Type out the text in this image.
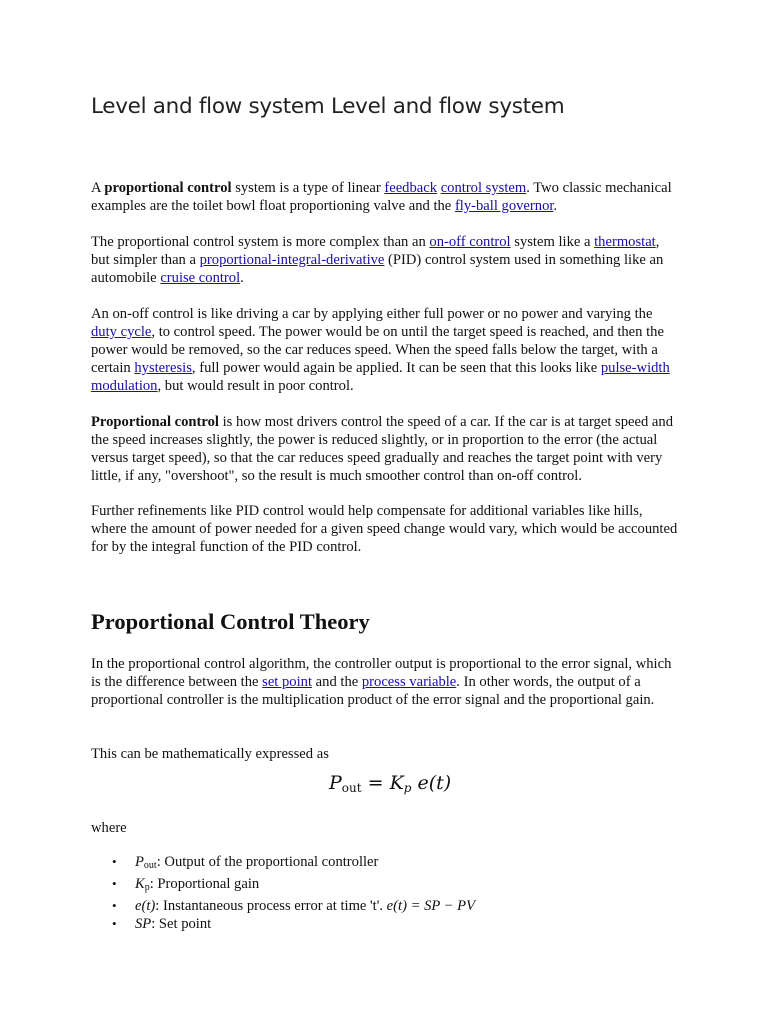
Level and flow system Level and flow system

A proportional control system is a type of linear feedback control system. Two classic mechanical examples are the toilet bowl float proportioning valve and the fly-ball governor.

The proportional control system is more complex than an on-off control system like a thermostat, but simpler than a proportional-integral-derivative (PID) control system used in something like an automobile cruise control.

An on-off control is like driving a car by applying either full power or no power and varying the duty cycle, to control speed. The power would be on until the target speed is reached, and then the power would be removed, so the car reduces speed. When the speed falls below the target, with a certain hysteresis, full power would again be applied. It can be seen that this looks like pulse-width modulation, but would result in poor control.

Proportional control is how most drivers control the speed of a car. If the car is at target speed and the speed increases slightly, the power is reduced slightly, or in proportion to the error (the actual versus target speed), so that the car reduces speed gradually and reaches the target point with very little, if any, "overshoot", so the result is much smoother control than on-off control.

Further refinements like PID control would help compensate for additional variables like hills, where the amount of power needed for a given speed change would vary, which would be accounted for by the integral function of the PID control.

Proportional Control Theory

In the proportional control algorithm, the controller output is proportional to the error signal, which is the difference between the set point and the process variable. In other words, the output of a proportional controller is the multiplication product of the error signal and the proportional gain.

This can be mathematically expressed as

$P_{out} = K_p$ e(t)

where

• $P_{out}$: Output of the proportional controller
• $K_p$: Proportional gain
• e(t): Instantaneous process error at time 't'. e(t) = SP − PV
• SP: Set point
